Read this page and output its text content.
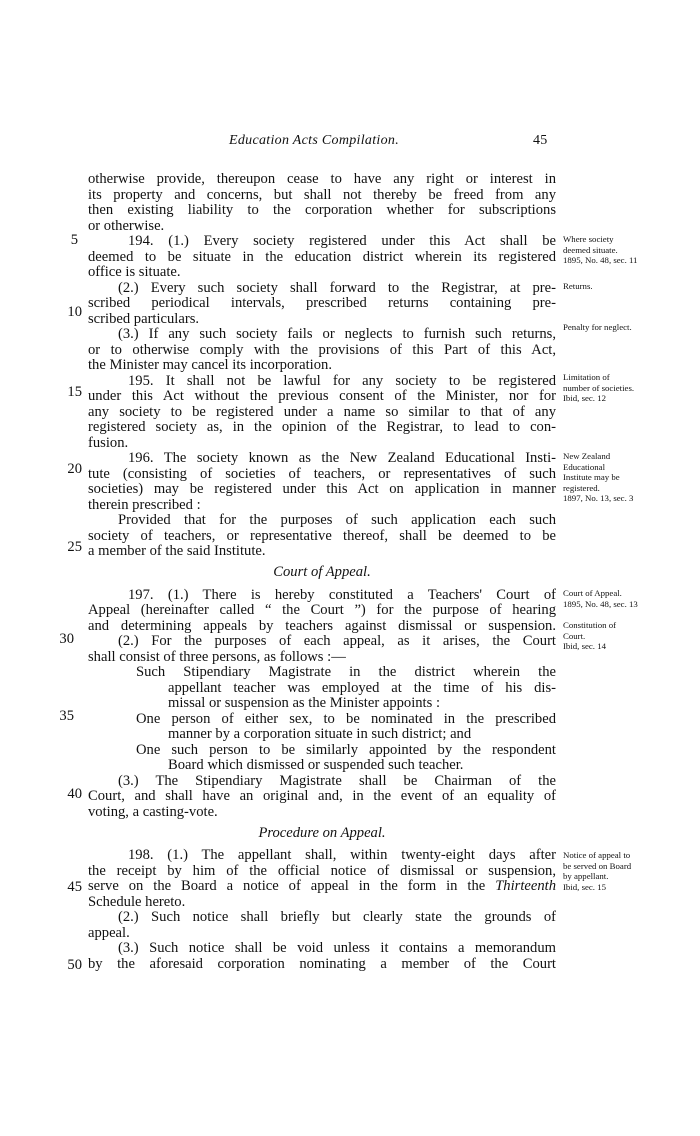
Education Acts Compilation.	45
otherwise provide, thereupon cease to have any right or interest in
its property and concerns, but shall not thereby be freed from any
then existing liability to the corporation whether for subscriptions
or otherwise.
194. (1.) Every society registered under this Act shall be
deemed to be situate in the education district wherein its registered
office is situate.
(2.) Every such society shall forward to the Registrar, at pre-
scribed periodical intervals, prescribed returns containing pre-
scribed particulars.
(3.) If any such society fails or neglects to furnish such returns,
or to otherwise comply with the provisions of this Part of this Act,
the Minister may cancel its incorporation.
195. It shall not be lawful for any society to be registered
under this Act without the previous consent of the Minister, nor for
any society to be registered under a name so similar to that of any
registered society as, in the opinion of the Registrar, to lead to con-
fusion.
196. The society known as the New Zealand Educational Insti-
tute (consisting of societies of teachers, or representatives of such
societies) may be registered under this Act on application in manner
therein prescribed :
Provided that for the purposes of such application each such
society of teachers, or representative thereof, shall be deemed to be
a member of the said Institute.
197. (1.) There is hereby constituted a Teachers' Court of
Appeal (hereinafter called “ the Court ”) for the purpose of hearing
and determining appeals by teachers against dismissal or suspension.
(2.) For the purposes of each appeal, as it arises, the Court
shall consist of three persons, as follows :—
Such Stipendiary Magistrate in the district wherein the
appellant teacher was employed at the time of his dis-
missal or suspension as the Minister appoints :
One person of either sex, to be nominated in the prescribed
manner by a corporation situate in such district; and
One such person to be similarly appointed by the respondent
Board which dismissed or suspended such teacher.
(3.) The Stipendiary Magistrate shall be Chairman of the
Court, and shall have an original and, in the event of an equality of
voting, a casting-vote.
198. (1.) The appellant shall, within twenty-eight days after
the receipt by him of the official notice of dismissal or suspension,
serve on the Board a notice of appeal in the form in the Thirteenth
Schedule hereto.
(2.) Such notice shall briefly but clearly state the grounds of
appeal.
(3.) Such notice shall be void unless it contains a memorandum
by the aforesaid corporation nominating a member of the Court
Court of Appeal.
Procedure on Appeal.
5
10
15
20
25
30
35
40
45
50
Where society
deemed situate.
1895, No. 48, sec. 11
Returns.
Penalty for neglect.
Limitation of
number of societies.
Ibid, sec. 12
New Zealand
Educational
Institute may be
registered.
1897, No. 13, sec. 3
Court of Appeal.
1895, No. 48, sec. 13
Constitution of
Court.
Ibid, sec. 14
Notice of appeal to
be served on Board
by appellant.
Ibid, sec. 15
